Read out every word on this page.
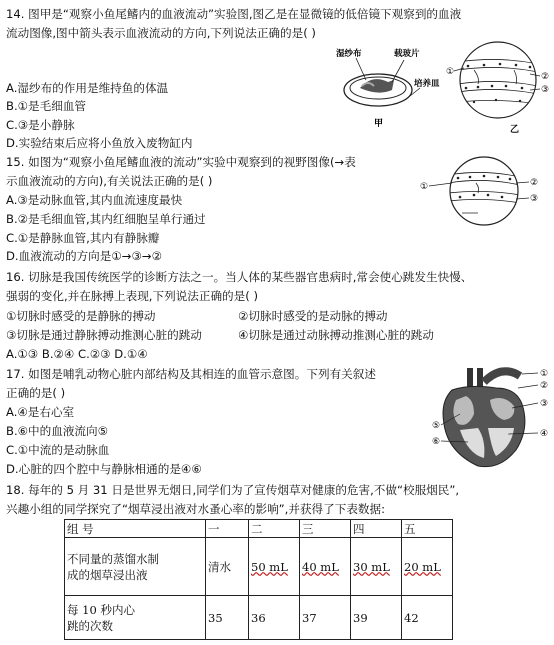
14. 图甲是“观察小鱼尾鳍内的血液流动”实验图,图乙是在显微镜的低倍镜下观察到的血液
流动图像,图中箭头表示血液流动的方向,下列说法正确的是( )
A.湿纱布的作用是维持鱼的体温
B.①是毛细血管
C.③是小静脉
D.实验结束后应将小鱼放入废物缸内
湿纱布	载玻片
培养皿
甲
①	②
③
乙
15. 如图为“观察小鱼尾鳍血液的流动”实验中观察到的视野图像(→表
示血液流动的方向),有关说法正确的是( )
A.③是动脉血管,其内血流速度最快
B.②是毛细血管,其内红细胞呈单行通过
C.①是静脉血管,其内有静脉瓣
D.血液流动的方向是①→③→②
①	②
③
16. 切脉是我国传统医学的诊断方法之一。当人体的某些器官患病时,常会使心跳发生快慢、
强弱的变化,并在脉搏上表现,下列说法正确的是( )
①切脉时感受的是静脉的搏动	②切脉时感受的是动脉的搏动
③切脉是通过静脉搏动推测心脏的跳动	④切脉是通过动脉搏动推测心脏的跳动
A.①③ B.②④ C.②③ D.①④
17. 如图是哺乳动物心脏内部结构及其相连的血管示意图。下列有关叙述
正确的是( )
A.④是右心室
B.⑥中的血液流向⑤
C.①中流的是动脉血
D.心脏的四个腔中与静脉相通的是④⑥
①
②
③
④
⑤
⑥
18. 每年的 5 月 31 日是世界无烟日,同学们为了宣传烟草对健康的危害,不做“校服烟民”,
兴趣小组的同学探究了“烟草浸出液对水蚤心率的影响”,并获得了下表数据:
组 号	一	二	三	四	五

不同量的蒸馏水制
成的烟草浸出液	清水	50 mL	40 mL	30 mL	20 mL

每 10 秒内心
跳的次数	35	36	37	39	42
